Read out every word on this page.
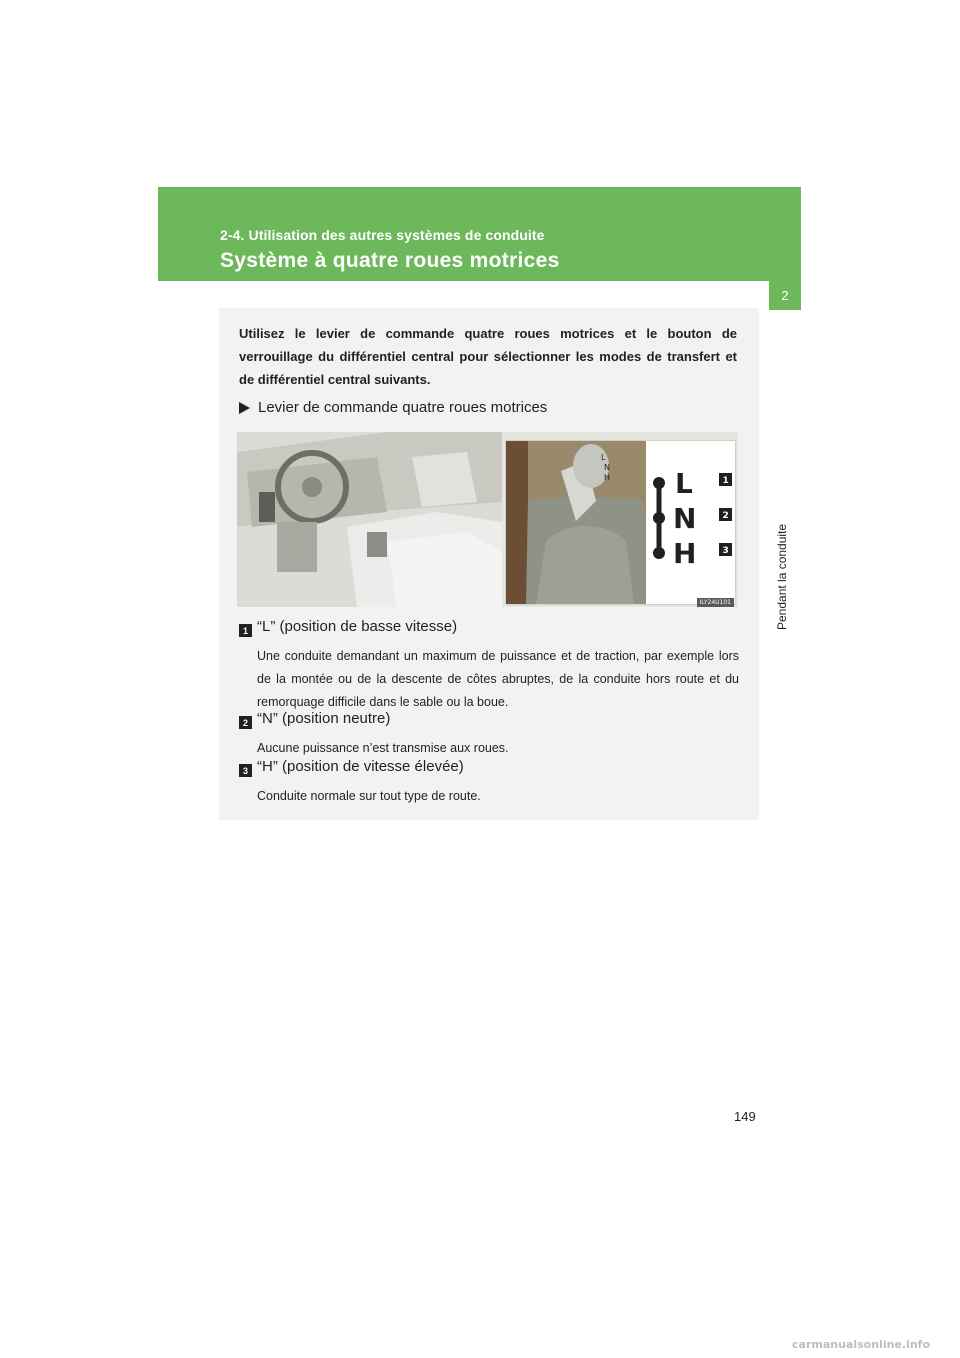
2-4. Utilisation des autres systèmes de conduite
Système à quatre roues motrices
2
Pendant la conduite

Utilisez le levier de commande quatre roues motrices et le bouton de verrouillage du différentiel central pour sélectionner les modes de transfert et de différentiel central suivants.

Levier de commande quatre roues motrices
L
N
H L
N
H
1
2
3
ILY24U101
1 “L” (position de basse vitesse)

Une conduite demandant un maximum de puissance et de traction, par exemple lors de la montée ou de la descente de côtes abruptes, de la conduite hors route et du remorquage difficile dans le sable ou la boue.

2 “N” (position neutre)

Aucune puissance n’est transmise aux roues.

3 “H” (position de vitesse élevée)

Conduite normale sur tout type de route.

149
carmanualsonline.info
